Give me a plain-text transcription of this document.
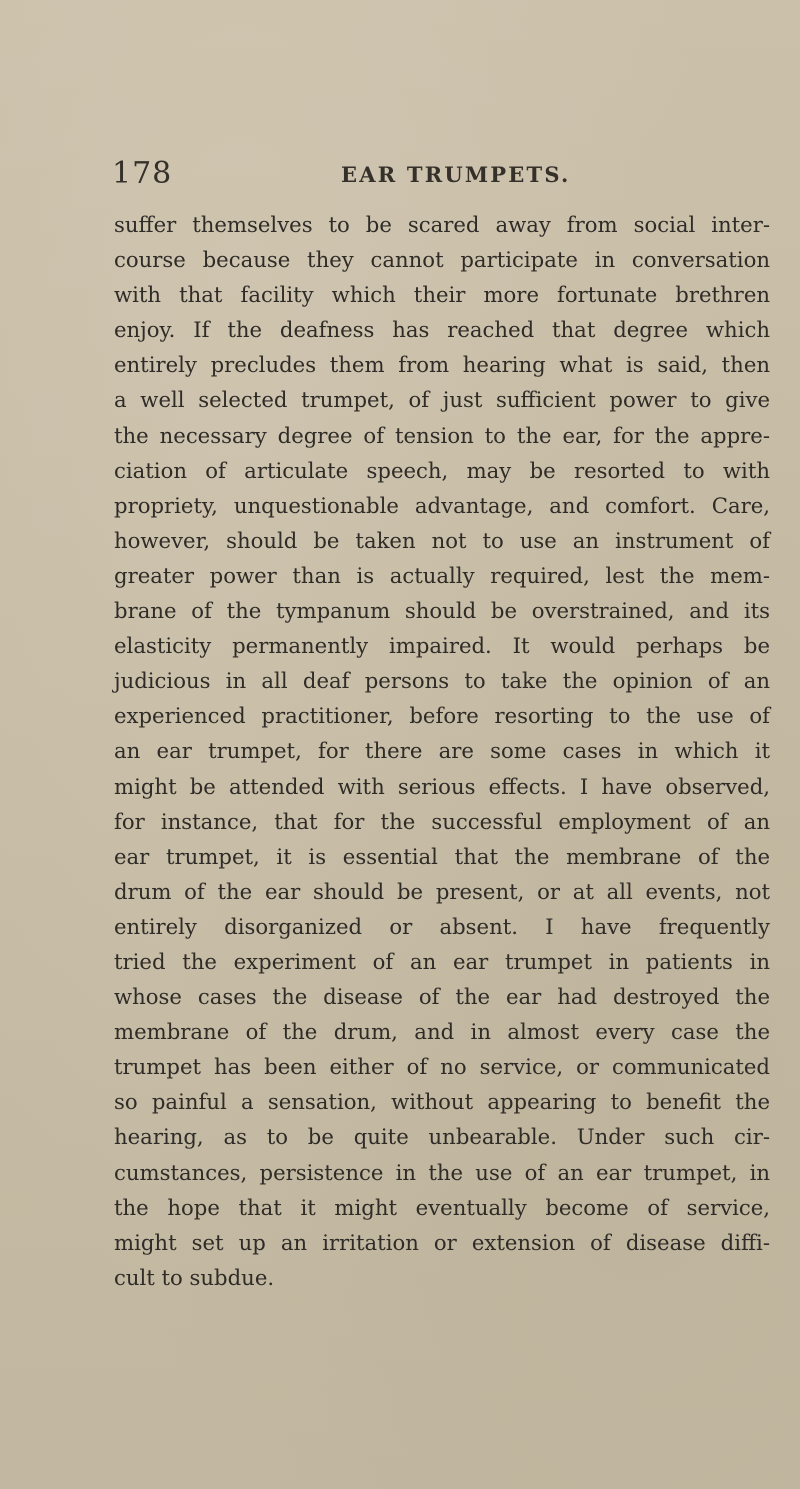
178	EAR TRUMPETS.
suffer themselves to be scared away from social inter-
course because they cannot participate in conversation
with that facility which their more fortunate brethren
enjoy. If the deafness has reached that degree which
entirely precludes them from hearing what is said, then
a well selected trumpet, of just sufficient power to give
the necessary degree of tension to the ear, for the appre-
ciation of articulate speech, may be resorted to with
propriety, unquestionable advantage, and comfort. Care,
however, should be taken not to use an instrument of
greater power than is actually required, lest the mem-
brane of the tympanum should be overstrained, and its
elasticity permanently impaired. It would perhaps be
judicious in all deaf persons to take the opinion of an
experienced practitioner, before resorting to the use of
an ear trumpet, for there are some cases in which it
might be attended with serious effects. I have observed,
for instance, that for the successful employment of an
ear trumpet, it is essential that the membrane of the
drum of the ear should be present, or at all events, not
entirely disorganized or absent. I have frequently
tried the experiment of an ear trumpet in patients in
whose cases the disease of the ear had destroyed the
membrane of the drum, and in almost every case the
trumpet has been either of no service, or communicated
so painful a sensation, without appearing to benefit the
hearing, as to be quite unbearable. Under such cir-
cumstances, persistence in the use of an ear trumpet, in
the hope that it might eventually become of service,
might set up an irritation or extension of disease diffi-
cult to subdue.
